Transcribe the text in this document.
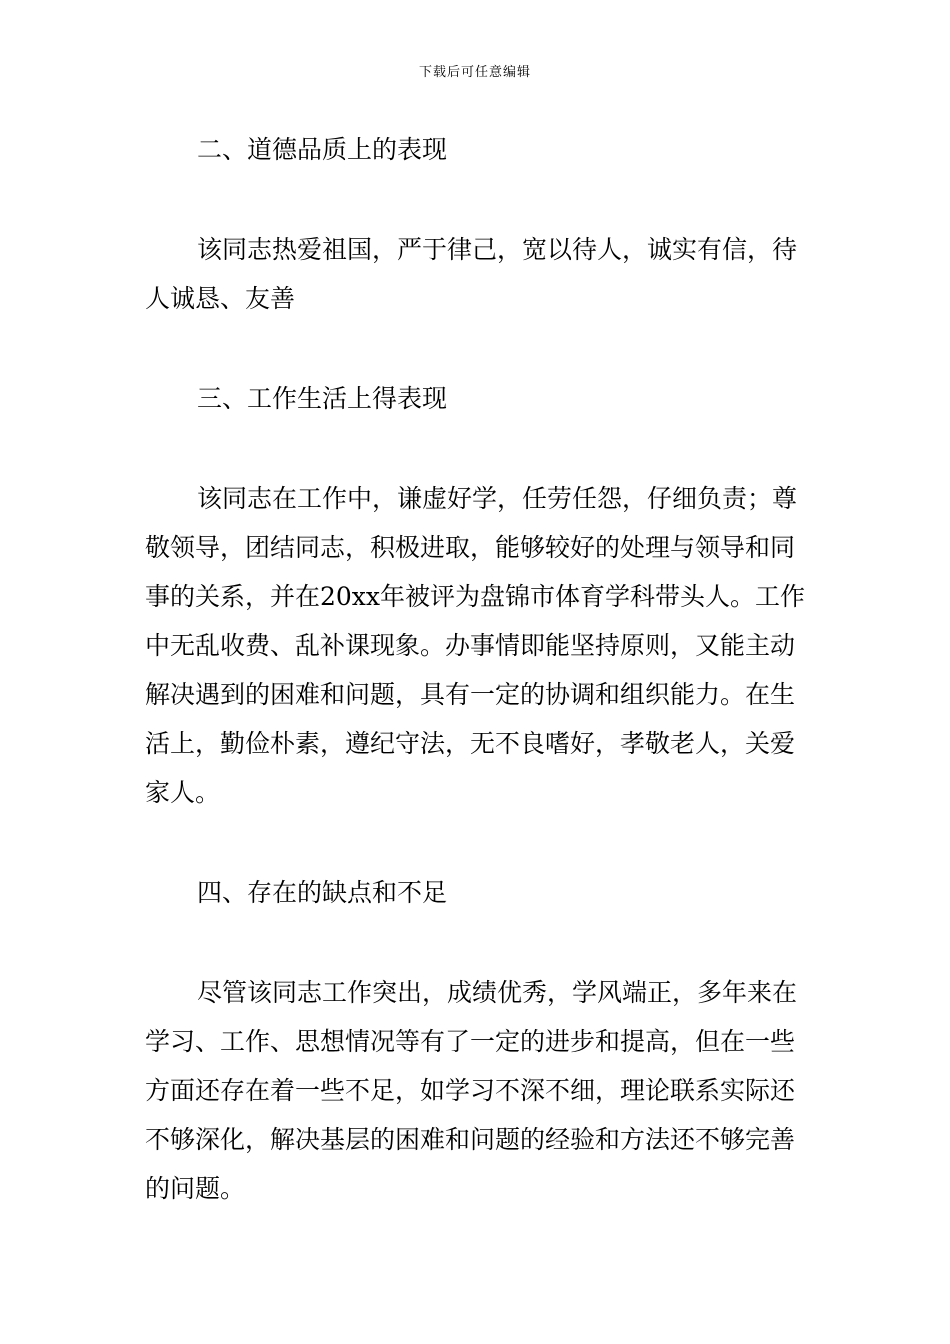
下载后可任意编辑
二、道德品质上的表现

该同志热爱祖国，严于律己，宽以待人，诚实有信，待人诚恳、友善

三、工作生活上得表现

该同志在工作中，谦虚好学，任劳任怨，仔细负责；尊敬领导，团结同志，积极进取，能够较好的处理与领导和同事的关系，并在20xx年被评为盘锦市体育学科带头人。工作中无乱收费、乱补课现象。办事情即能坚持原则，又能主动解决遇到的困难和问题，具有一定的协调和组织能力。在生活上，勤俭朴素，遵纪守法，无不良嗜好，孝敬老人，关爱家人。

四、存在的缺点和不足

尽管该同志工作突出，成绩优秀，学风端正，多年来在学习、工作、思想情况等有了一定的进步和提高，但在一些方面还存在着一些不足，如学习不深不细，理论联系实际还不够深化，解决基层的困难和问题的经验和方法还不够完善的问题。
